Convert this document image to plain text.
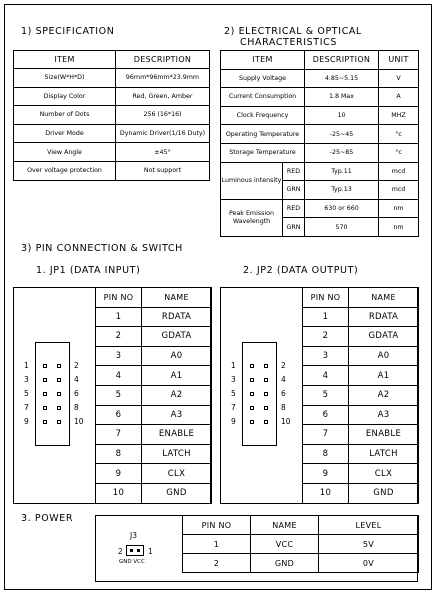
1) SPECIFICATION	2) ELECTRICAL & OPTICAL
CHARACTERISTICS
ITEM	DESCRIPTION
Size(W*H*D)	96mm*96mm*23.9mm
Display Color	Red, Green, Amber
Number of Dots	256 (16*16)
Driver Mode	Dynamic Driver(1/16 Duty)
View Angle	±45°
Over voltage protection	Not support
ITEM		DESCRIPTION	UNIT
Supply Voltage		4.85~5.15	V
Current Consumption		1.8 Max	A
Clock Frequency		10	MHZ
Operating Temperature		-25~45	°c
Storage Temperature		-25~85	°c
Luminous intensity	RED	Typ.11	mcd
	GRN	Typ.13	mcd
Peak Emission Wavelength	RED	630 or 660	nm
	GRN	570	nm
3) PIN CONNECTION & SWITCH
1. JP1 (DATA INPUT)	2. JP2 (DATA OUTPUT)
1
3
5
7
9
2
4
6
8
10
PIN NO	NAME
1	RDATA
2	GDATA
3	A0
4	A1
5	A2
6	A3
7	ENABLE
8	LATCH
9	CLX
10	GND
1
3
5
7
9
2
4
6
8
10
PIN NO	NAME
1	RDATA
2	GDATA
3	A0
4	A1
5	A2
6	A3
7	ENABLE
8	LATCH
9	CLX
10	GND
3. POWER
J3
2	1
GND VCC
PIN NO	NAME	LEVEL
1	VCC	5V
2	GND	0V
